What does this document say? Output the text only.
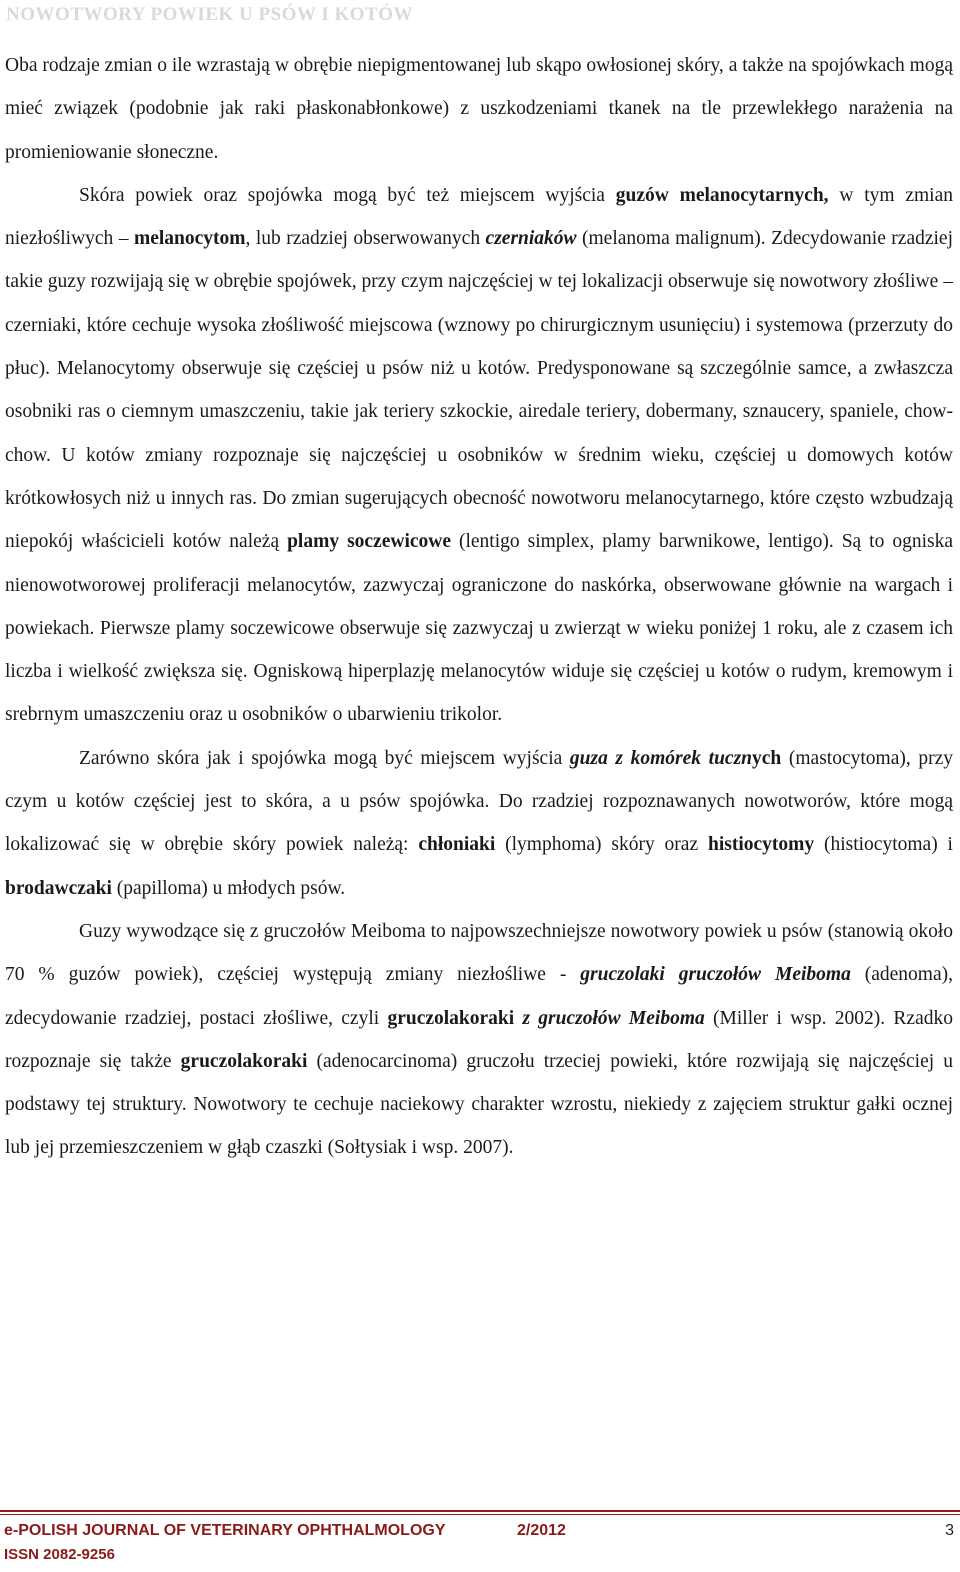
NOWOTWORY POWIEK U PSÓW I KOTÓW

Oba rodzaje zmian o ile wzrastają w obrębie niepigmentowanej lub skąpo owłosionej skóry, a także na spojówkach mogą mieć związek (podobnie jak raki płaskonabłonkowe) z uszkodzeniami tkanek na tle przewlekłego narażenia na promieniowanie słoneczne.

Skóra powiek oraz spojówka mogą być też miejscem wyjścia guzów melanocytarnych, w tym zmian niezłośliwych – melanocytom, lub rzadziej obserwowanych czerniaków (melanoma malignum). Zdecydowanie rzadziej takie guzy rozwijają się w obrębie spojówek, przy czym najczęściej w tej lokalizacji obserwuje się nowotwory złośliwe – czerniaki, które cechuje wysoka złośliwość miejscowa (wznowy po chirurgicznym usunięciu) i systemowa (przerzuty do płuc). Melanocytomy obserwuje się częściej u psów niż u kotów. Predysponowane są szczególnie samce, a zwłaszcza osobniki ras o ciemnym umaszczeniu, takie jak teriery szkockie, airedale teriery, dobermany, sznaucery, spaniele, chow-chow. U kotów zmiany rozpoznaje się najczęściej u osobników w średnim wieku, częściej u domowych kotów krótkowłosych niż u innych ras. Do zmian sugerujących obecność nowotworu melanocytarnego, które często wzbudzają niepokój właścicieli kotów należą plamy soczewicowe (lentigo simplex, plamy barwnikowe, lentigo). Są to ogniska nienowotworowej proliferacji melanocytów, zazwyczaj ograniczone do naskórka, obserwowane głównie na wargach i powiekach. Pierwsze plamy soczewicowe obserwuje się zazwyczaj u zwierząt w wieku poniżej 1 roku, ale z czasem ich liczba i wielkość zwiększa się. Ogniskową hiperplazję melanocytów widuje się częściej u kotów o rudym, kremowym i srebrnym umaszczeniu oraz u osobników o ubarwieniu trikolor.

Zarówno skóra jak i spojówka mogą być miejscem wyjścia guza z komórek tucznych (mastocytoma), przy czym u kotów częściej jest to skóra, a u psów spojówka. Do rzadziej rozpoznawanych nowotworów, które mogą lokalizować się w obrębie skóry powiek należą: chłoniaki (lymphoma) skóry oraz histiocytomy (histiocytoma) i brodawczaki (papilloma) u młodych psów.

Guzy wywodzące się z gruczołów Meiboma to najpowszechniejsze nowotwory powiek u psów (stanowią około 70 % guzów powiek), częściej występują zmiany niezłośliwe - gruczolaki gruczołów Meiboma (adenoma), zdecydowanie rzadziej, postaci złośliwe, czyli gruczolakoraki z gruczołów Meiboma (Miller i wsp. 2002). Rzadko rozpoznaje się także gruczolakoraki (adenocarcinoma) gruczołu trzeciej powieki, które rozwijają się najczęściej u podstawy tej struktury. Nowotwory te cechuje naciekowy charakter wzrostu, niekiedy z zajęciem struktur gałki ocznej lub jej przemieszczeniem w głąb czaszki (Sołtysiak i wsp. 2007).

e-POLISH JOURNAL OF VETERINARY OPHTHALMOLOGY	2/2012	3
ISSN 2082-9256
